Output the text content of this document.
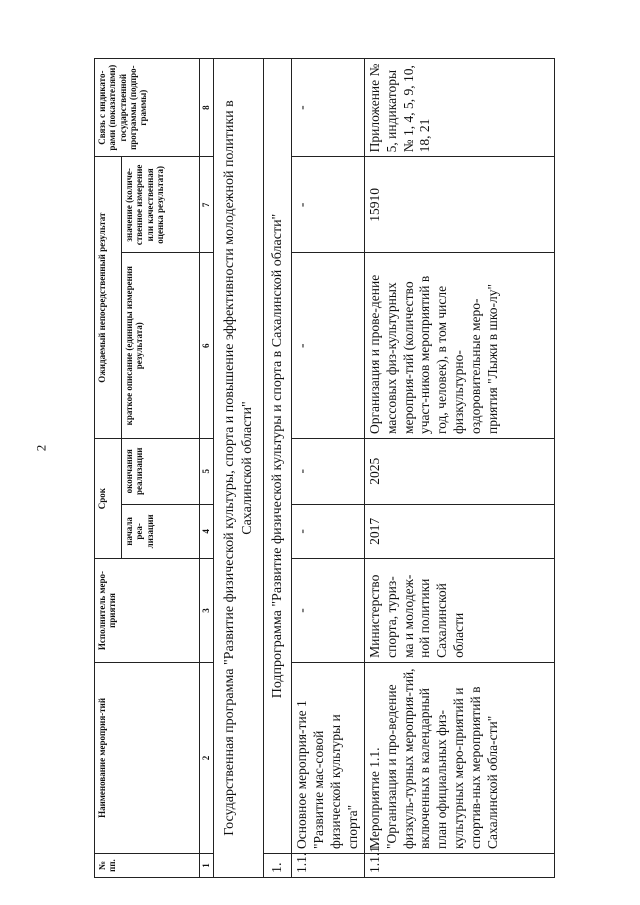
2
№ пп.	Наименование мероприя-тий	Исполнитель меро-приятия	Срок		Ожидаемый непосредственный результат		Связь с индикато-рами (показателями) государственной программы (подпро-граммы)
			начала реа-лизации	окончания реализации	краткое описание (единицы измерения результата)	значение (количе-ственное измерение или качественная оценка результата)	
1	2	3	4	5	6	7	8
Государственная программа "Развитие физической культуры, спорта и повышение эффективности молодежной политики в Сахалинской области"							
1.	Подпрограмма "Развитие физической культуры и спорта в Сахалинской области"						
1.1.	Основное мероприя-тие 1 "Развитие мас-совой физической культуры и спорта"	-	-	-	-	-	-
1.1.1.	Мероприятие 1.1. "Организация и про-ведение физкуль-турных мероприя-тий, включенных в календарный план официальных физ-культурных меро-приятий и спортив-ных мероприятий в Сахалинской обла-сти"	Министерство спорта, туриз-ма и молодеж-ной политики Сахалинской области	2017	2025	Организация и прове-дение массовых физ-культурных мероприя-тий (количество участ-ников мероприятий в год, человек), в том числе физкультурно-оздоровительные меро-приятия "Лыжи в шко-лу"	15910	Приложение № 5, индикаторы № 1, 4, 5, 9, 10, 18, 21
